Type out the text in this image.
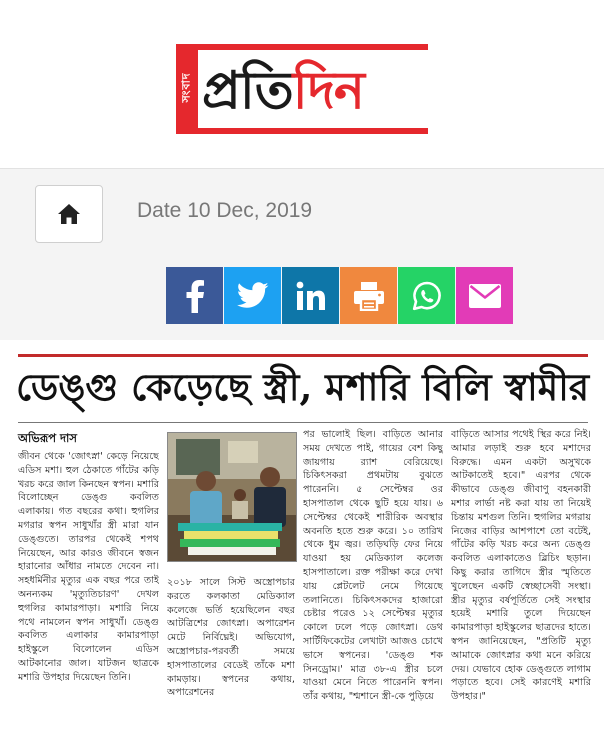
সংবাদ প্রতিদিন
Date 10 Dec, 2019
ডেঙ্গু কেড়েছে স্ত্রী, মশারি বিলি স্বামীর
অভিরূপ দাস
জীবন থেকে 'জোৎস্না' কেড়ে নিয়েছে এডিস মশা। হুল ঠেকাতে গাঁটের কড়ি খরচ করে জাল কিনছেন স্বপন। মশারি বিলোচ্ছেন ডেঙ্গু কবলিত এলাকায়। গত বছরের কথা। হুগলির মগরার স্বপন সাধুখাঁর স্ত্রী মারা যান ডেঙ্গুতে। তারপর থেকেই শপথ নিয়েছেন, আর কারও জীবনে স্বজন হারানোর আঁধার নামতে দেবেন না। সহধর্মিনীর মৃত্যুর এক বছর পরে তাই অনন্যকম 'মৃত্যুতিচারণ' দেখল হুগলির কামারপাড়া। মশারি নিয়ে পথে নামলেন স্বপন সাধুখাঁ। ডেঙ্গু কবলিত এলাকার কামারপাড়া হাইস্কুলে বিলোলেন এডিস আটকানোর জাল। যাটজন ছাত্রকে মশারি উপহার দিয়েছেন তিনি।
২০১৮ সালে সিস্ট অস্ত্রোপচার করতে কলকাতা মেডিক্যাল কলেজে ভর্তি হয়েছিলেন বছর আটত্রিশের জোৎস্না। অপারেশন মেটে নির্বিঘ্নেই। অভিযোগ, অস্ত্রোপচার-পরবর্তী সময়ে হাসপাতালের বেডেই তাঁকে মশা কামড়ায়। স্বপনের কথায়, অপারেশনের
পর ভালোই ছিল। বাড়িতে আনার সময় দেখতে পাই, গায়ের বেশ কিছু জায়গায় র‌্যাশ বেরিয়েছে। চিকিৎসকরা প্রথমটায় বুঝতে পারেননি। ৫ সেপ্টেম্বর ওর হাসপাতাল থেকে ছুটি হয়ে যায়। ৬ সেপ্টেম্বর থেকেই শারীরিক অবস্থার অবনতি হতে শুরু করে। ১০ তারিখ থেকে ধুম জ্বর। তড়িঘড়ি ফের নিয়ে যাওয়া হয় মেডিক্যাল কলেজ হাসপাতালে। রক্ত পরীক্ষা করে দেখা যায় প্লেটলেট নেমে গিয়েছে তলানিতে। চিকিৎসকদের হাজারো চেষ্টার পরেও ১২ সেপ্টেম্বর মৃত্যুর কোলে ঢলে পড়ে জোৎস্না। ডেথ সার্টিফিকেটের লেখাটা আজও চোখে ভাসে স্বপনের। 'ডেঙ্গু শক সিনড্রোম।' মাত্র ৩৮-এ স্ত্রীর চলে যাওয়া মেনে নিতে পারেননি স্বপন। তাঁর কথায়, "শ্মশানে স্ত্রী-কে পুড়িয়ে
বাড়িতে আসার পথেই স্থির করে নিই। আমার লড়াই শুরু হবে মশাদের বিরুদ্ধে। এমন একটা অসুখকে আটকাতেই হবে।" এরপর থেকে কীভাবে ডেঙ্গু জীবাণু বহনকারী মশার লার্ভা নষ্ট করা যায় তা নিয়েই চিন্তায় মশগুল তিনি। হুগলির মগরায় নিজের বাড়ির আশপাশে তো বটেই, গাঁটের কড়ি খরচ করে অন্য ডেঙ্গু কবলিত এলাকাতেও ব্লিচিং ছড়ান। কিছু করার তাগিদে স্ত্রীর স্মৃতিতে খুলেছেন একটি স্বেচ্ছাসেবী সংস্থা। স্ত্রীর মৃত্যুর বর্ষপূর্তিতে সেই সংস্থার হয়েই মশারি তুলে দিয়েছেন কামারপাড়া হাইস্কুলের ছাত্রদের হাতে। স্বপন জানিয়েছেন, "প্রতিটি মৃত্যু আমাকে জোৎস্নার কথা মনে করিয়ে দেয়। যেভাবে হোক ডেঙ্গুতে লাগাম পড়াতে হবে। সেই কারণেই মশারি উপহার।"
